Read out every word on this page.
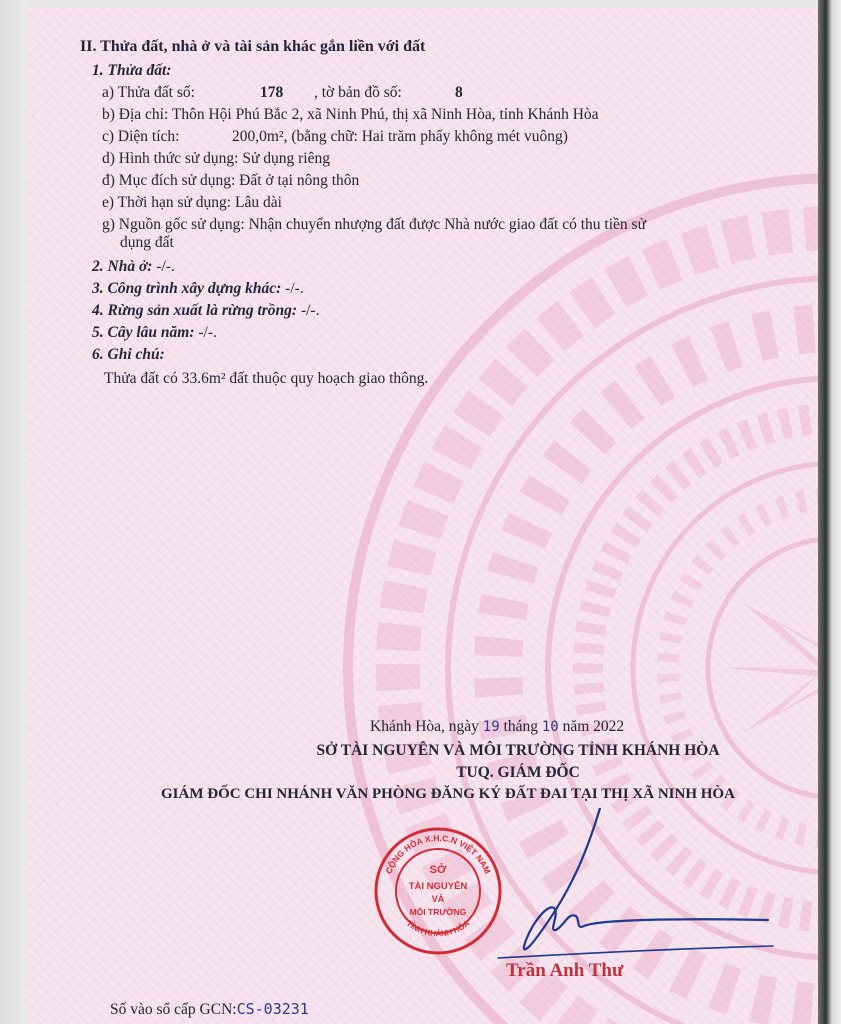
II. Thửa đất, nhà ở và tài sản khác gắn liền với đất
1. Thửa đất:
a) Thửa đất số:	178 , tờ bản đồ số:	8
b) Địa chỉ: Thôn Hội Phú Bắc 2, xã Ninh Phú, thị xã Ninh Hòa, tỉnh Khánh Hòa
c) Diện tích:	200,0m², (bằng chữ: Hai trăm phẩy không mét vuông)
d) Hình thức sử dụng: Sử dụng riêng
đ) Mục đích sử dụng: Đất ở tại nông thôn
e) Thời hạn sử dụng: Lâu dài
g) Nguồn gốc sử dụng: Nhận chuyển nhượng đất được Nhà nước giao đất có thu tiền sử
dụng đất
2. Nhà ở: -/-.
3. Công trình xây dựng khác: -/-.
4. Rừng sản xuất là rừng trồng: -/-.
5. Cây lâu năm: -/-.
6. Ghi chú:
Thửa đất có 33.6m² đất thuộc quy hoạch giao thông.
Khánh Hòa, ngày 19 tháng 10 năm 2022
SỞ TÀI NGUYÊN VÀ MÔI TRƯỜNG TỈNH KHÁNH HÒA
TUQ. GIÁM ĐỐC
GIÁM ĐỐC CHI NHÁNH VĂN PHÒNG ĐĂNG KÝ ĐẤT ĐAI TẠI THỊ XÃ NINH HÒA
CỘNG HÒA X.H.C.N VIỆT NAM
TỈNH KHÁNH HÒA
SỞ
TÀI NGUYÊN
VÀ
MÔI TRƯỜNG
Trần Anh Thư
Số vào sổ cấp GCN:CS-03231
